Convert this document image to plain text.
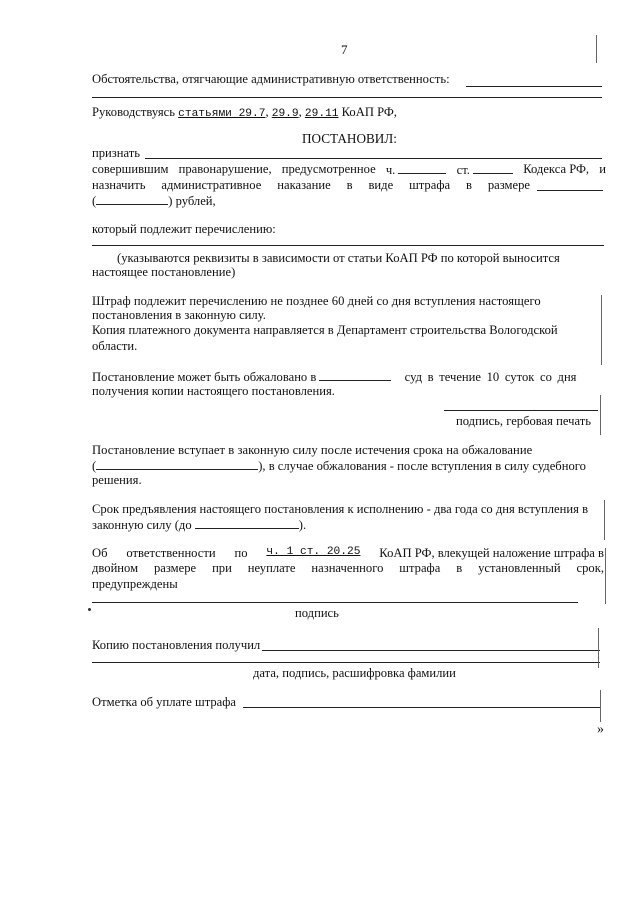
7
Обстоятельства, отягчающие административную ответственность:
Руководствуясь статьями 29.7, 29.9, 29.11 КоАП РФ,
ПОСТАНОВИЛ:
признать
совершившим правонарушение, предусмотренное ч.	ст.	Кодекса РФ, и
назначить административное наказание в виде штрафа в размере
(	) рублей,
который подлежит перечислению:
(указываются реквизиты в зависимости от статьи КоАП РФ по которой выносится
настоящее постановление)
Штраф подлежит перечислению не позднее 60 дней со дня вступления настоящего
постановления в законную силу.
Копия платежного документа направляется в Департамент строительства Вологодской
области.
Постановление может быть обжаловано в	суд в течение 10 суток со дня
получения копии настоящего постановления.
подпись, гербовая печать
Постановление вступает в законную силу после истечения срока на обжалование
(	), в случае обжалования - после вступления в силу судебного
решения.
Срок предъявления настоящего постановления к исполнению - два года со дня вступления в
законную силу (до	).
Об ответственности по ч. 1 ст. 20.25 КоАП РФ, влекущей наложение штрафа в
двойном размере при неуплате назначенного штрафа в установленный срок,
предупреждены
подпись
Копию постановления получил
дата, подпись, расшифровка фамилии
Отметка об уплате штрафа
»
